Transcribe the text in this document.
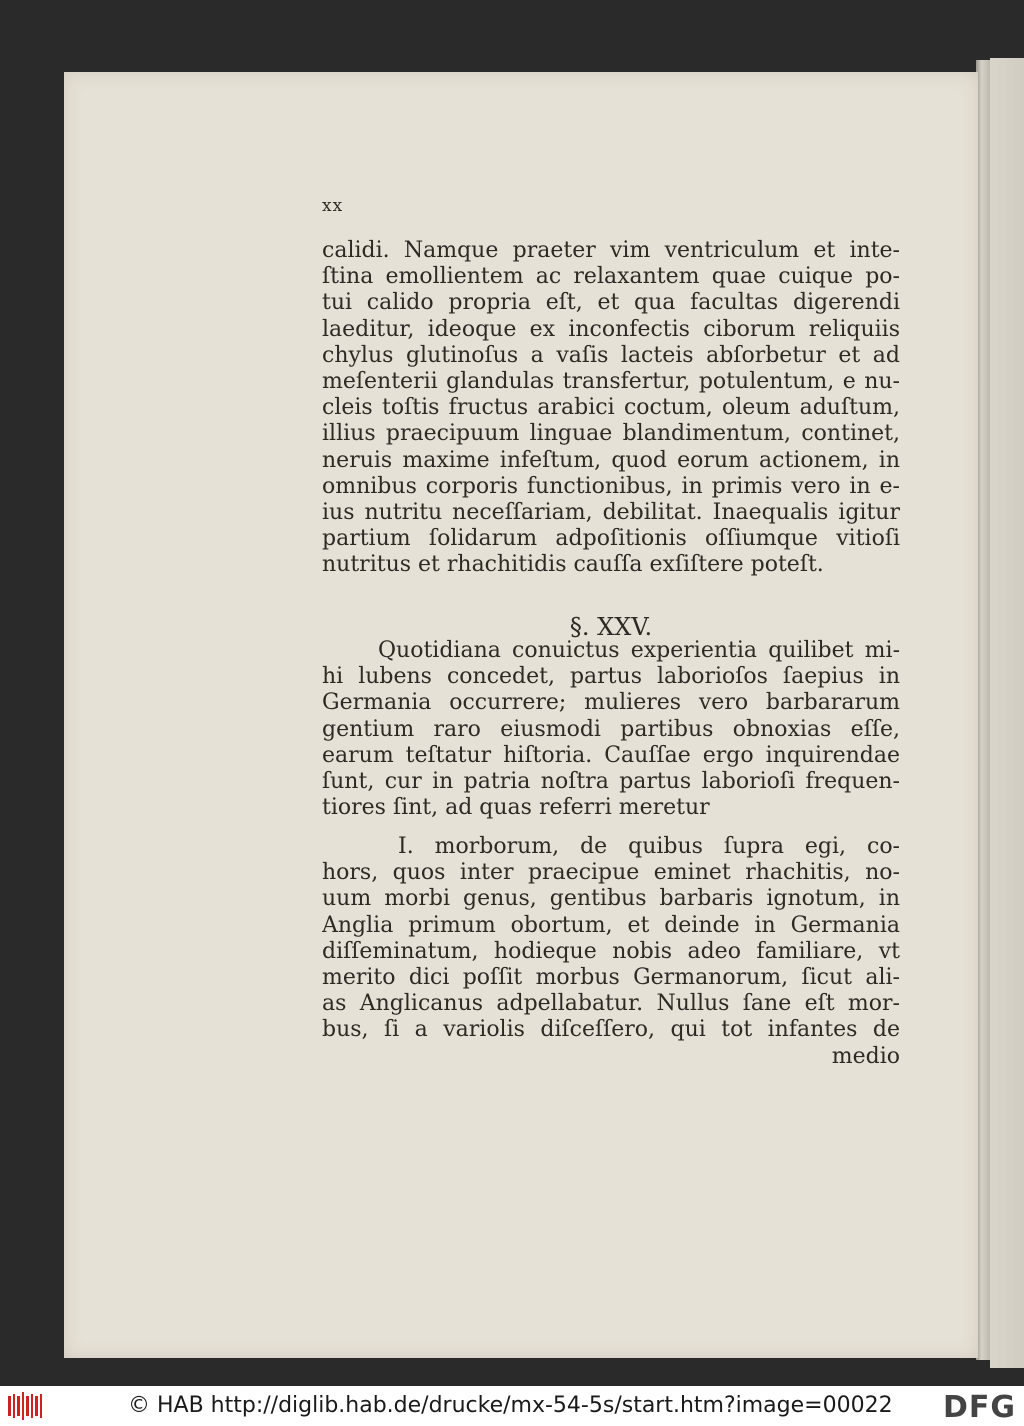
xx
calidi. Namque praeter vim ventriculum et inte-
ſtina emollientem ac relaxantem quae cuique po-
tui calido propria eſt, et qua facultas digerendi
laeditur, ideoque ex inconfectis ciborum reliquiis
chylus glutinoſus a vaſis lacteis abſorbetur et ad
meſenterii glandulas transfertur, potulentum, e nu-
cleis toſtis fructus arabici coctum, oleum aduſtum,
illius praecipuum linguae blandimentum, continet,
neruis maxime infeſtum, quod eorum actionem, in
omnibus corporis functionibus, in primis vero in e-
ius nutritu neceſſariam, debilitat. Inaequalis igitur
partium ſolidarum adpoſitionis oſſiumque vitioſi
nutritus et rhachitidis cauſſa exſiſtere poteſt.
§. XXV.
Quotidiana conuictus experientia quilibet mi-
hi lubens concedet, partus laborioſos ſaepius in
Germania occurrere; mulieres vero barbararum
gentium raro eiusmodi partibus obnoxias eſſe,
earum teſtatur hiſtoria. Cauſſae ergo inquirendae
ſunt, cur in patria noſtra partus laborioſi frequen-
tiores ſint, ad quas referri meretur
I. morborum, de quibus ſupra egi, co-
hors, quos inter praecipue eminet rhachitis, no-
uum morbi genus, gentibus barbaris ignotum, in
Anglia primum obortum, et deinde in Germania
diſſeminatum, hodieque nobis adeo familiare, vt
merito dici poſſit morbus Germanorum, ſicut ali-
as Anglicanus adpellabatur. Nullus ſane eſt mor-
bus, ſi a variolis diſceſſero, qui tot infantes de
medio
© HAB http://diglib.hab.de/drucke/mx-54-5s/start.htm?image=00022 DFG
